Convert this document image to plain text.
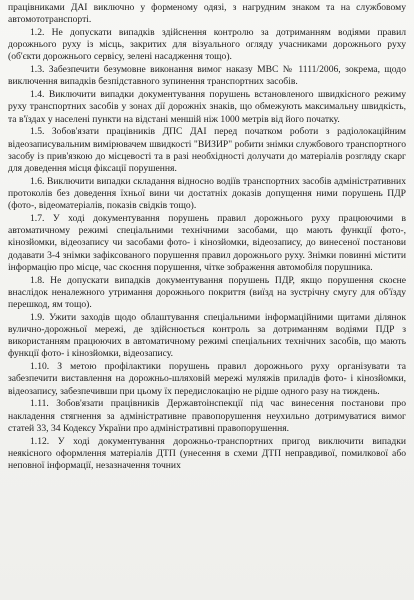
працівниками ДАІ виключно у форменому одязі, з нагрудним знаком та на службовому автомототранспорті.

1.2. Не допускати випадків здійснення контролю за дотриманням водіями правил дорожнього руху із місць, закритих для візуального огляду учасниками дорожнього руху (об'єкти дорожнього сервісу, зелені насадження тощо).

1.3. Забезпечити безумовне виконання вимог наказу МВС № 1111/2006, зокрема, щодо виключення випадків безпідставного зупинення транспортних засобів.

1.4. Виключити випадки документування порушень встановленого швидкісного режиму руху транспортних засобів у зонах дії дорожніх знаків, що обмежують максимальну швидкість, та в'їздах у населені пункти на відстані меншій ніж 1000 метрів від його початку.

1.5. Зобов'язати працівників ДПС ДАІ перед початком роботи з радіолокаційним відеозаписувальним вимірювачем швидкості "ВИЗИР" робити знімки службового транспортного засобу із прив'язкою до місцевості та в разі необхідності долучати до матеріалів розгляду скарг для доведення місця фіксації порушення.

1.6. Виключити випадки складання відносно водіїв транспортних засобів адміністративних протоколів без доведення їхньої вини чи достатніх доказів допущення ними порушень ПДР (фото-, відеоматеріалів, показів свідків тощо).

1.7. У ході документування порушень правил дорожнього руху працюючими в автоматичному режимі спеціальними технічними засобами, що мають функції фото-, кінозйомки, відеозапису чи засобами фото- і кінозйомки, відеозапису, до винесеної постанови додавати 3-4 знімки зафіксованого порушення правил дорожнього руху. Знімки повинні містити інформацію про місце, час скоєння порушення, чітке зображення автомобіля порушника.

1.8. Не допускати випадків документування порушень ПДР, якщо порушення скоєне внаслідок неналежного утримання дорожнього покриття (виїзд на зустрічну смугу для об'їзду перешкод, ям тощо).

1.9. Ужити заходів щодо облаштування спеціальними інформаційними щитами ділянок вулично-дорожньої мережі, де здійснюється контроль за дотриманням водіями ПДР з використанням працюючих в автоматичному режимі спеціальних технічних засобів, що мають функції фото- і кінозйомки, відеозапису.

1.10. З метою профілактики порушень правил дорожнього руху організувати та забезпечити виставлення на дорожньо-шляховій мережі муляжів приладів фото- і кінозйомки, відеозапису, забезпечивши при цьому їх передислокацію не рідше одного разу на тиждень.

1.11. Зобов'язати працівників Державтоінспекції під час винесення постанови про накладення стягнення за адміністративне правопорушення неухильно дотримуватися вимог статей 33, 34 Кодексу України про адміністративні правопорушення.

1.12. У ході документування дорожньо-транспортних пригод виключити випадки неякісного оформлення матеріалів ДТП (унесення в схеми ДТП неправдивої, помилкової або неповної інформації, незазначення точних
